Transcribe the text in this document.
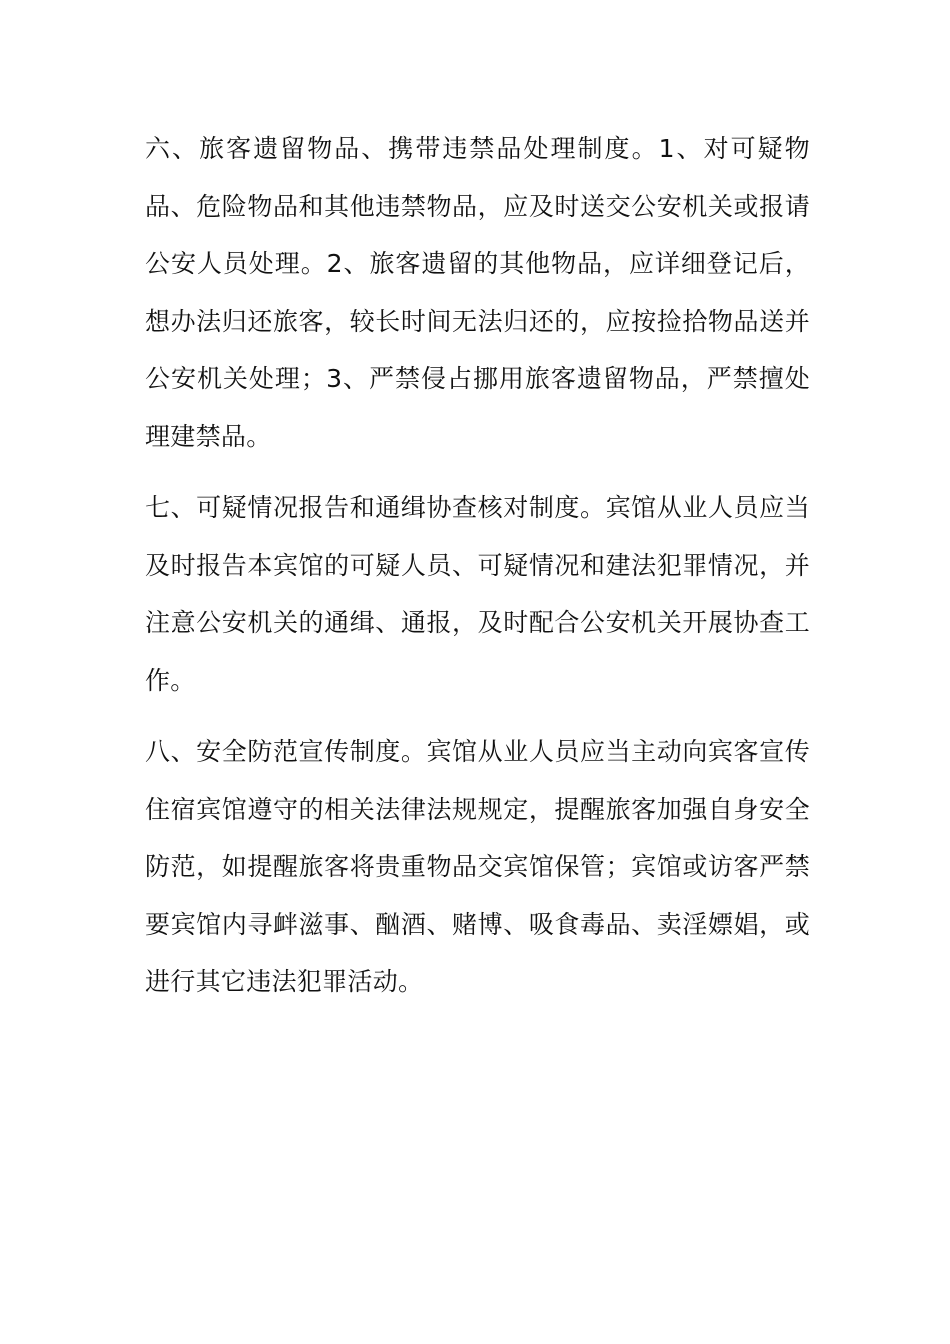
六、旅客遗留物品、携带违禁品处理制度。1、对可疑物品、危险物品和其他违禁物品，应及时送交公安机关或报请公安人员处理。2、旅客遗留的其他物品，应详细登记后，想办法归还旅客，较长时间无法归还的，应按捡拾物品送并公安机关处理；3、严禁侵占挪用旅客遗留物品，严禁擅处理建禁品。

七、可疑情况报告和通缉协查核对制度。宾馆从业人员应当及时报告本宾馆的可疑人员、可疑情况和建法犯罪情况，并注意公安机关的通缉、通报，及时配合公安机关开展协查工作。

八、安全防范宣传制度。宾馆从业人员应当主动向宾客宣传住宿宾馆遵守的相关法律法规规定，提醒旅客加强自身安全防范，如提醒旅客将贵重物品交宾馆保管；宾馆或访客严禁要宾馆内寻衅滋事、酗酒、赌博、吸食毒品、卖淫嫖娼，或进行其它违法犯罪活动。
